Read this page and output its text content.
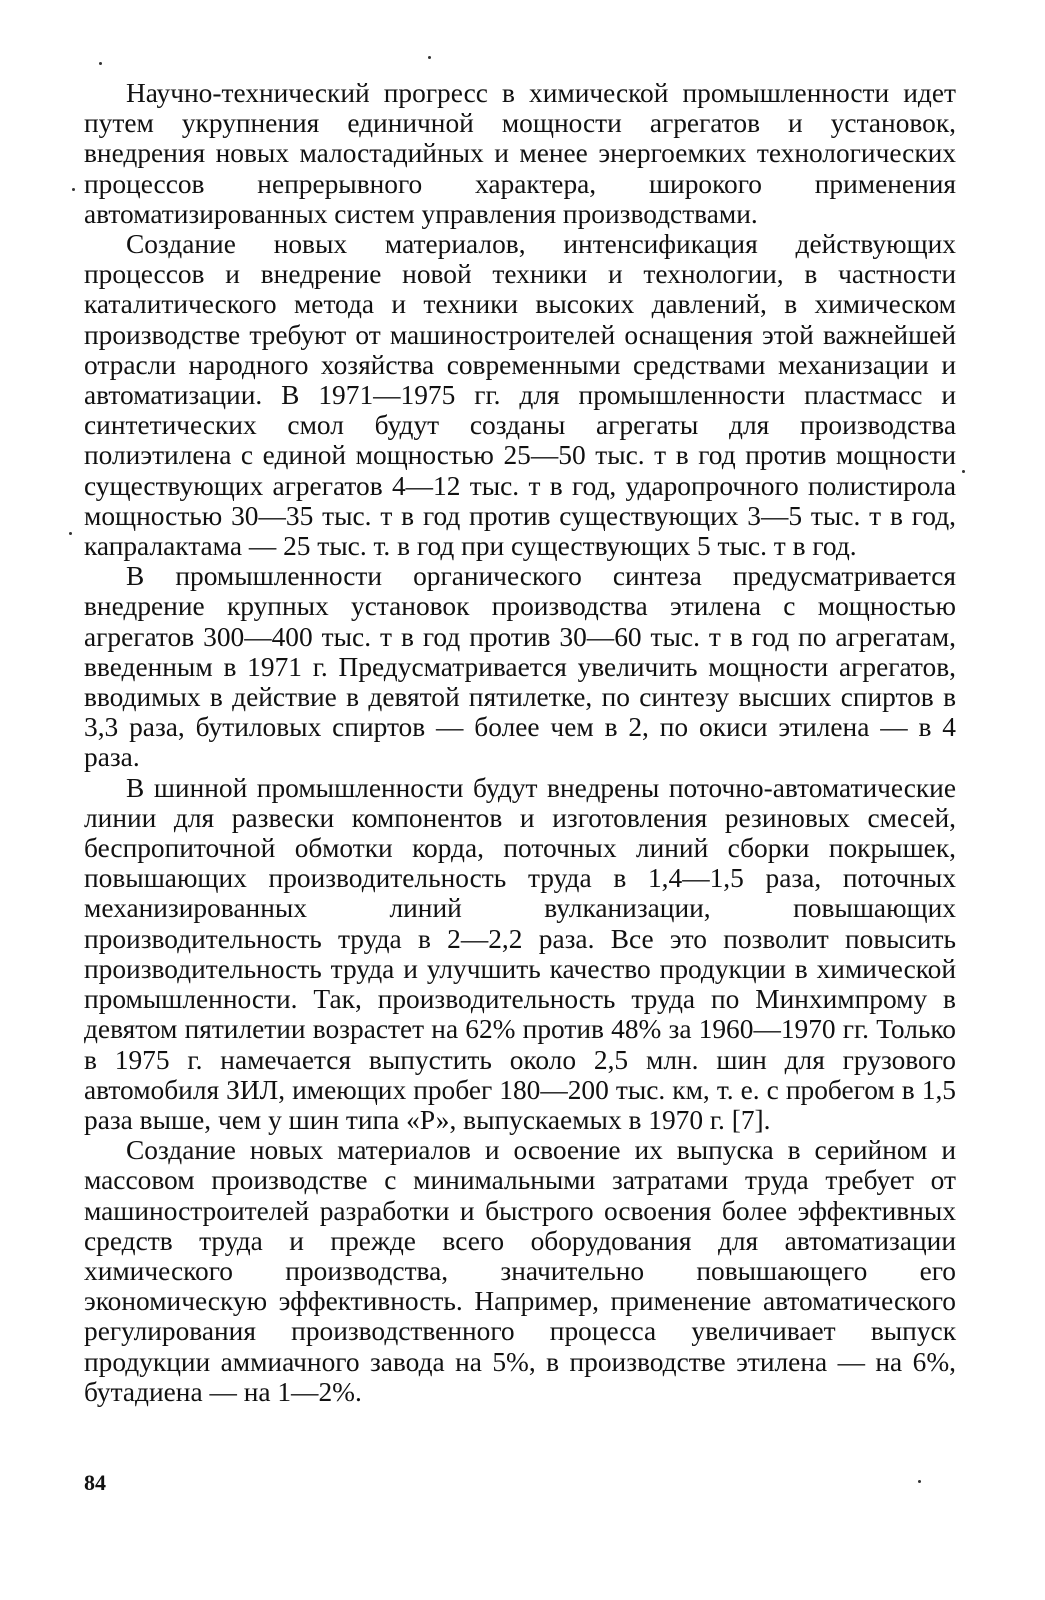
Научно-технический прогресс в химической промышленности идет путем укрупнения единичной мощности агрегатов и установок, внедрения новых малостадийных и менее энергоемких технологических процессов непрерывного характера, широкого применения автоматизированных систем управления производствами.

Создание новых материалов, интенсификация действующих процессов и внедрение новой техники и технологии, в частности каталитического метода и техники высоких давлений, в химическом производстве требуют от машиностроителей оснащения этой важнейшей отрасли народного хозяйства современными средствами механизации и автоматизации. В 1971—1975 гг. для промышленности пластмасс и синтетических смол будут созданы агрегаты для производства полиэтилена с единой мощностью 25—50 тыс. т в год против мощности существующих агрегатов 4—12 тыс. т в год, ударопрочного полистирола мощностью 30—35 тыс. т в год против существующих 3—5 тыс. т в год, капралактама — 25 тыс. т. в год при существующих 5 тыс. т в год.

В промышленности органического синтеза предусматривается внедрение крупных установок производства этилена с мощностью агрегатов 300—400 тыс. т в год против 30—60 тыс. т в год по агрегатам, введенным в 1971 г. Предусматривается увеличить мощности агрегатов, вводимых в действие в девятой пятилетке, по синтезу высших спиртов в 3,3 раза, бутиловых спиртов — более чем в 2, по окиси этилена — в 4 раза.

В шинной промышленности будут внедрены поточно-автоматические линии для развески компонентов и изготовления резиновых смесей, беспропиточной обмотки корда, поточных линий сборки покрышек, повышающих производительность труда в 1,4—1,5 раза, поточных механизированных линий вулканизации, повышающих производительность труда в 2—2,2 раза. Все это позволит повысить производительность труда и улучшить качество продукции в химической промышленности. Так, производительность труда по Минхимпрому в девятом пятилетии возрастет на 62% против 48% за 1960—1970 гг. Только в 1975 г. намечается выпустить около 2,5 млн. шин для грузового автомобиля ЗИЛ, имеющих пробег 180—200 тыс. км, т. е. с пробегом в 1,5 раза выше, чем у шин типа «Р», выпускаемых в 1970 г. [7].

Создание новых материалов и освоение их выпуска в серийном и массовом производстве с минимальными затратами труда требует от машиностроителей разработки и быстрого освоения более эффективных средств труда и прежде всего оборудования для автоматизации химического производства, значительно повышающего его экономическую эффективность. Например, применение автоматического регулирования производственного процесса увеличивает выпуск продукции аммиачного завода на 5%, в производстве этилена — на 6%, бутадиена — на 1—2%.

84
